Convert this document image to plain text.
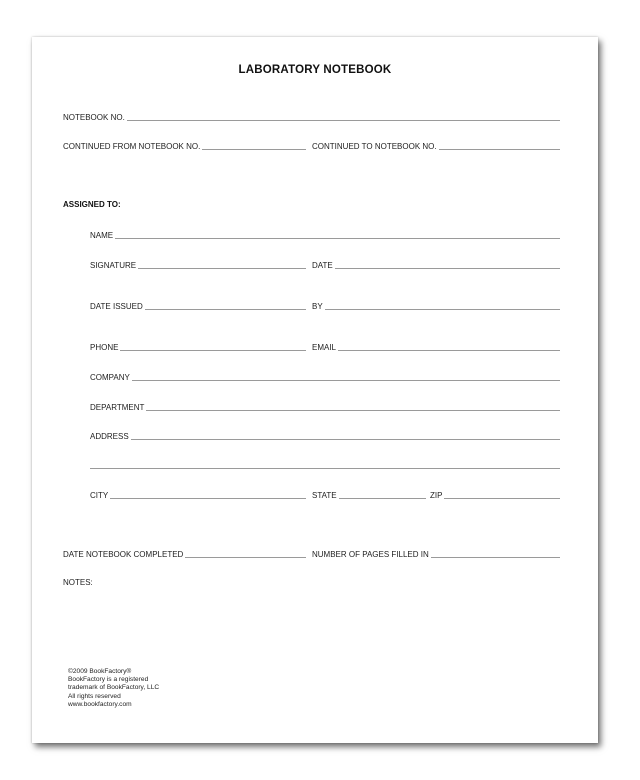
LABORATORY NOTEBOOK
NOTEBOOK NO.
CONTINUED FROM NOTEBOOK NO.	CONTINUED TO NOTEBOOK NO.
ASSIGNED TO:
NAME
SIGNATURE	DATE
DATE ISSUED	BY
PHONE	EMAIL
COMPANY
DEPARTMENT
ADDRESS
CITY	STATE	ZIP
DATE NOTEBOOK COMPLETED	NUMBER OF PAGES FILLED IN
NOTES:
©2009 BookFactory®
BookFactory is a registered
trademark of BookFactory, LLC
All rights reserved
www.bookfactory.com
